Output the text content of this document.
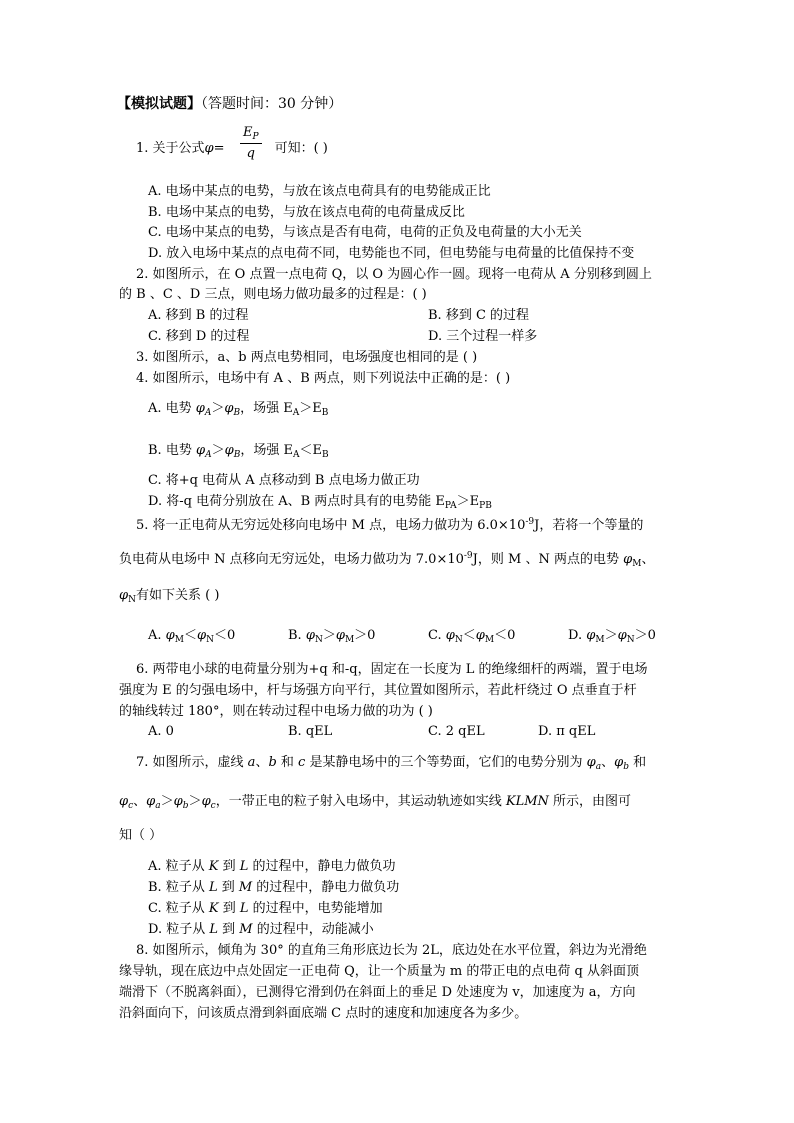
【模拟试题】（答题时间：30 分钟）
1. 关于公式φ=	可知：( )
$\frac{E_P}{q}$
A. 电场中某点的电势，与放在该点电荷具有的电势能成正比
B. 电场中某点的电势，与放在该点电荷的电荷量成反比
C. 电场中某点的电势，与该点是否有电荷，电荷的正负及电荷量的大小无关
D. 放入电场中某点的点电荷不同，电势能也不同，但电势能与电荷量的比值保持不变
2. 如图所示，在 O 点置一点电荷 Q，以 O 为圆心作一圆。现将一电荷从 A 分别移到圆上
的 B 、C 、D 三点，则电场力做功最多的过程是：( )
A. 移到 B 的过程	B. 移到 C 的过程
C. 移到 D 的过程	D. 三个过程一样多
3. 如图所示，a、b 两点电势相同，电场强度也相同的是 ( )
4. 如图所示，电场中有 A 、B 两点，则下列说法中正确的是：( )
A. 电势 $\varphi_A>\varphi_B$，场强 $E_A>E_B$
B. 电势 $\varphi_A>\varphi_B$，场强 $E_A<E_B$
C. 将+q 电荷从 A 点移动到 B 点电场力做正功
D. 将-q 电荷分别放在 A、B 两点时具有的电势能 $E_{PA}>E_{PB}$
5. 将一正电荷从无穷远处移向电场中 M 点，电场力做功为 $6.0\times 10^{-9}J$，若将一个等量的
负电荷从电场中 N 点移向无穷远处，电场力做功为 $7.0\times 10^{-9}J$，则 M 、N 两点的电势 $\varphi_M$、
$\varphi_N$有如下关系 ( )
A. $\varphi_M<\varphi_N<0$	B. $\varphi_N>\varphi_M>0$	C. $\varphi_N<\varphi_M<0$	D. $\varphi_M>\varphi_N>0$
6. 两带电小球的电荷量分别为+q 和-q，固定在一长度为 L 的绝缘细杆的两端，置于电场
强度为 E 的匀强电场中，杆与场强方向平行，其位置如图所示，若此杆绕过 O 点垂直于杆
的轴线转过 180°，则在转动过程中电场力做的功为 ( )
A. 0	B. qEL	C. 2 qEL	D. π qEL
7. 如图所示，虚线 a、b 和 c 是某静电场中的三个等势面，它们的电势分别为 $\varphi_a$、$\varphi_b$ 和
$\varphi_c$、$\varphi_a>\varphi_b>\varphi_c$，一带正电的粒子射入电场中，其运动轨迹如实线 KLMN 所示，由图可
知（ ）
A. 粒子从 K 到 L 的过程中，静电力做负功
B. 粒子从 L 到 M 的过程中，静电力做负功
C. 粒子从 K 到 L 的过程中，电势能增加
D. 粒子从 L 到 M 的过程中，动能减小
8. 如图所示，倾角为 30° 的直角三角形底边长为 2L，底边处在水平位置，斜边为光滑绝
缘导轨，现在底边中点处固定一正电荷 Q，让一个质量为 m 的带正电的点电荷 q 从斜面顶
端滑下（不脱离斜面），已测得它滑到仍在斜面上的垂足 D 处速度为 v，加速度为 a，方向
沿斜面向下，问该质点滑到斜面底端 C 点时的速度和加速度各为多少。
